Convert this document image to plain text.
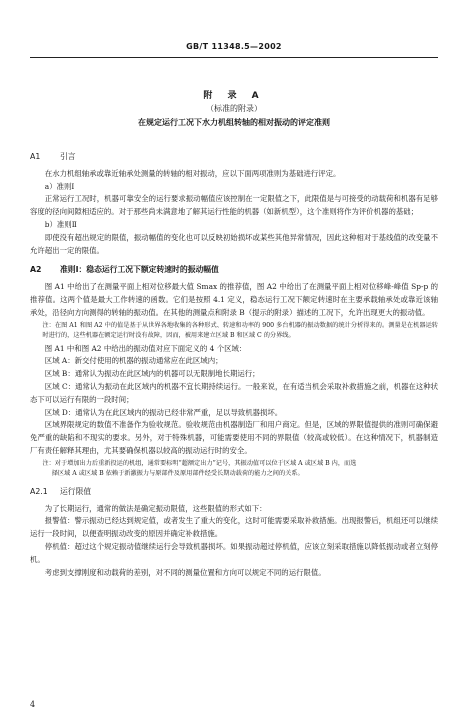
GB/T 11348.5—2002
附 录 A
（标准的附录）
在规定运行工况下水力机组转轴的相对振动的评定准则
A1	引言

在水力机组轴承或靠近轴承处测量的转轴的相对振动，应以下面两项准则为基础进行评定。

a）准则Ⅰ

正常运行工况时，机器可靠安全的运行要求振动幅值应该控制在一定限值之下，此限值是与可接受的动载荷和机器有足够容度的径向间隙相适应的。对于那些尚未满意地了解其运行性能的机器（如新机型），这个准则将作为评价机器的基础；

b）准则Ⅱ

即使没有超出规定的限值，振动幅值的变化也可以反映初始损坏或某些其他异常情况，因此这种相对于基线值的改变量不允许超出一定的限值。

A2 准则Ⅰ：稳态运行工况下额定转速时的振动幅值

图 A1 中给出了在测量平面上相对位移最大值 Smax 的推荐值，图 A2 中给出了在测量平面上相对位移峰-峰值 Sp-p 的推荐值。这两个值是最大工作转速的函数。它们是按照 4.1 定义，稳态运行工况下额定转速时在主要承载轴承处或靠近该轴承处，沿径向方向测得的转轴的振动值。在其他的测量点和附录 B（提示的附录）描述的工况下，允许出现更大的振动值。

注：在图 A1 和图 A2 中的值是基于从世界各地收集的各种形式、转速和功率的 900 多台机器的振动数据的统计分析得来的。测量是在机器运转时进行的，这些机器在额定运行时没有故障，因而，被用来建立区域 B 和区域 C 的分界线。

图 A1 中和图 A2 中给出的振动值对应下面定义的 4 个区域：

区域 A：新交付使用的机器的振动通常应在此区域内；

区域 B：通常认为振动在此区域内的机器可以无限制地长期运行；

区域 C：通常认为振动在此区域内的机器不宜长期持续运行。一般来说，在有适当机会采取补救措施之前，机器在这种状态下可以运行有限的一段时间；

区域 D：通常认为在此区域内的振动已经非常严重，足以导致机器损坏。

区域界限规定的数值不准备作为验收规范。验收规范由机器制造厂和用户商定。但是，区域的界限值提供的准则可确保避免严重的缺陷和不现实的要求。另外，对于特殊机器，可能需要使用不同的界限值（较高或较低）。在这种情况下，机器制造厂有责任解释其理由，尤其要确保机器以较高的振动运行时的安全。

注：对于增加出力后重新投运的机组，通常要标明“超额定出力”记号，其振动值可以位于区域 A 或区域 B 内，而选
择区域 A 或区域 B 依赖于新激振力与原部件及原用部件经受长期动载荷的能力之间的关系。
A2.1 运行限值

为了长期运行，通常的做法是确定振动限值，这些限值的形式如下：

报警值：警示振动已经达到规定值，或者发生了重大的变化，这时可能需要采取补救措施。出现报警后，机组还可以继续运行一段时间，以便查明振动改变的原因并确定补救措施。

停机值：超过这个规定振动值继续运行会导致机器损坏。如果振动超过停机值，应该立刻采取措施以降低振动或者立刻停机。

考虑到支撑刚度和动载荷的差别，对不同的测量位置和方向可以规定不同的运行限值。

4
